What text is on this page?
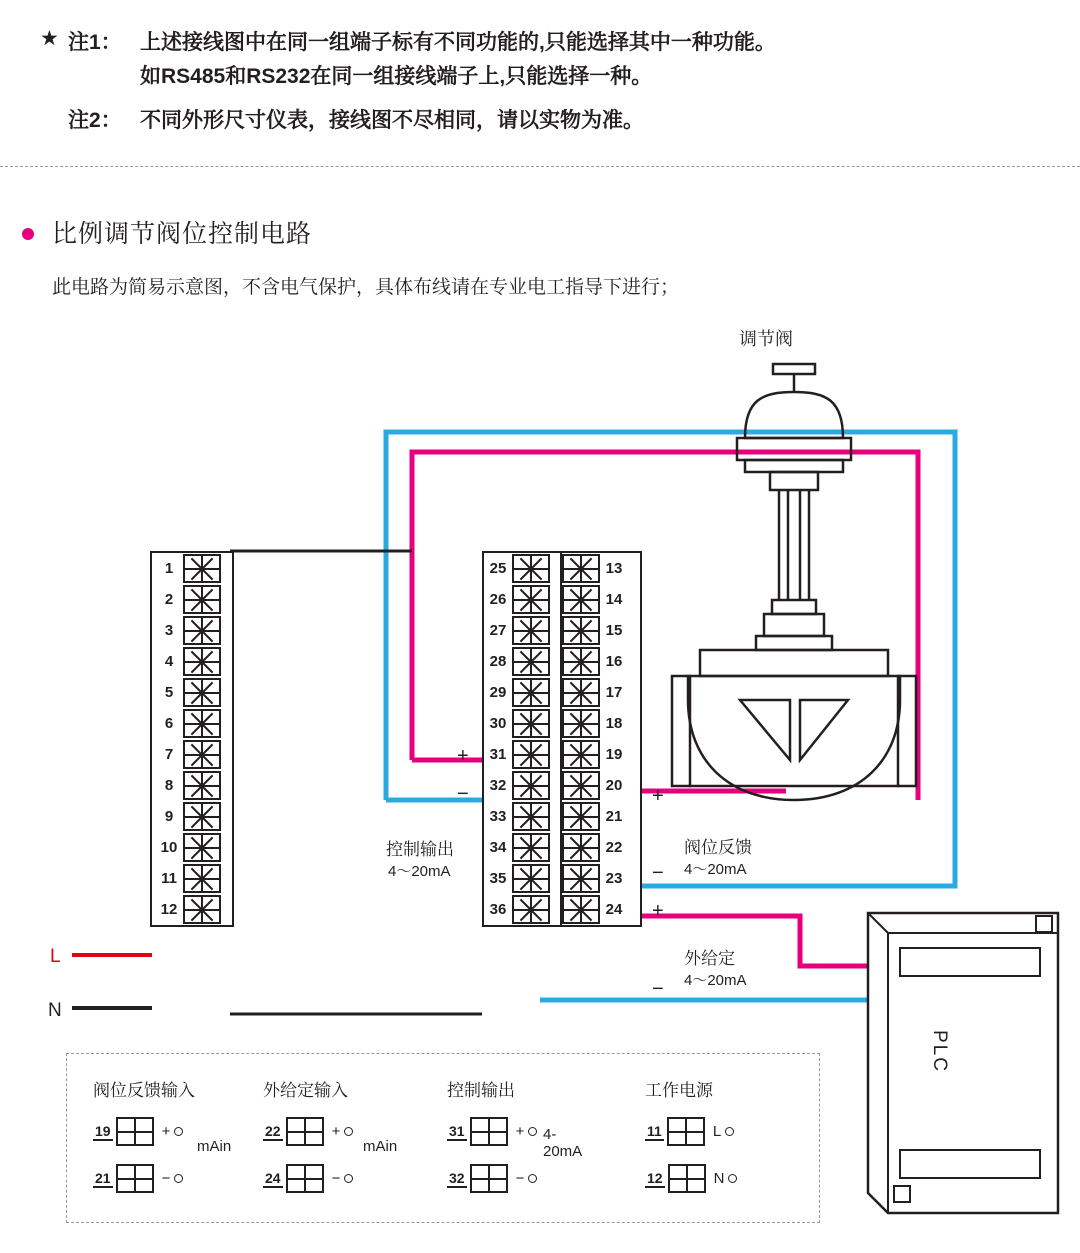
★ 注1： 上述接线图中在同一组端子标有不同功能的,只能选择其中一种功能。
如RS485和RS232在同一组接线端子上,只能选择一种。
注2： 不同外形尺寸仪表，接线图不尽相同，请以实物为准。
比例调节阀位控制电路
此电路为简易示意图，不含电气保护，具体布线请在专业电工指导下进行；
PLC
1
2
3
4
5
6
7
8
9
10
11
12
25
26
27
28
29
30
31
32
33
34
35
36
13
14
15
16
17
18
19
20
21
22
23
24
调节阀
控制输出
4～20mA
阀位反馈
4～20mA
外给定
4～20mA
+
−	+
−
+
−
L
N
阀位反馈输入
19	+
21	−
mAin
外给定输入
22	+
24	−
mAin
控制输出
31	+
32	−
4-20mA
工作电源
11	L
12	N
